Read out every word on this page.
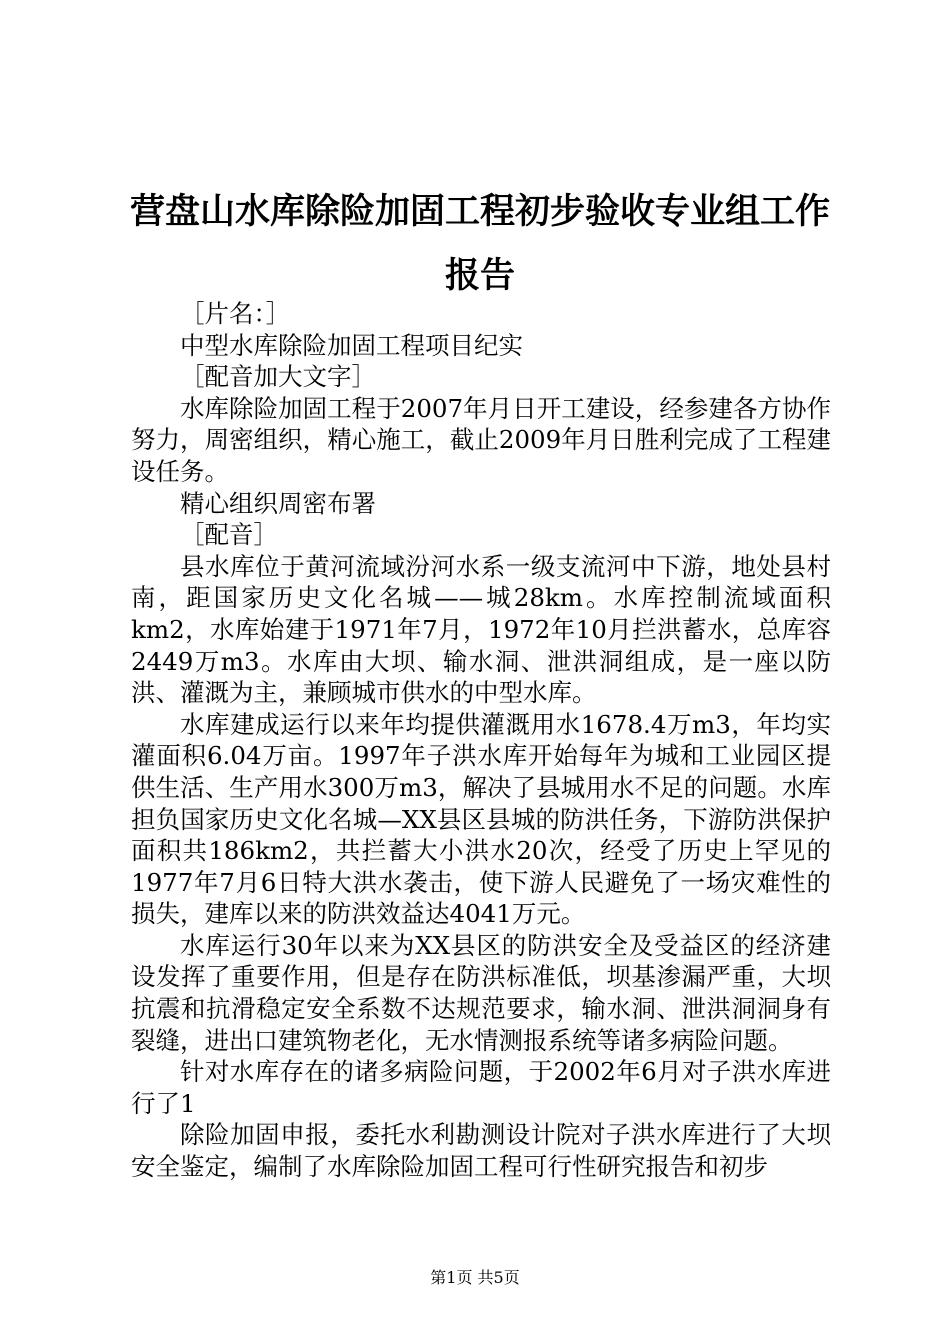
营盘山水库除险加固工程初步验收专业组工作报告

［片名：］

中型水库除险加固工程项目纪实

［配音加大文字］

水库除险加固工程于2007年月日开工建设，经参建各方协作努力，周密组织，精心施工，截止2009年月日胜利完成了工程建设任务。

精心组织周密布署

［配音］

县水库位于黄河流域汾河水系一级支流河中下游，地处县村南，距国家历史文化名城——城28km。水库控制流域面积km2，水库始建于1971年7月，1972年10月拦洪蓄水，总库容2449万m3。水库由大坝、输水洞、泄洪洞组成，是一座以防洪、灌溉为主，兼顾城市供水的中型水库。

水库建成运行以来年均提供灌溉用水1678.4万m3，年均实灌面积6.04万亩。1997年子洪水库开始每年为城和工业园区提供生活、生产用水300万m3，解决了县城用水不足的问题。水库担负国家历史文化名城—XX县区县城的防洪任务，下游防洪保护面积共186km2，共拦蓄大小洪水20次，经受了历史上罕见的1977年7月6日特大洪水袭击，使下游人民避免了一场灾难性的损失，建库以来的防洪效益达4041万元。

水库运行30年以来为XX县区的防洪安全及受益区的经济建设发挥了重要作用，但是存在防洪标准低，坝基渗漏严重，大坝抗震和抗滑稳定安全系数不达规范要求，输水洞、泄洪洞洞身有裂缝，进出口建筑物老化，无水情测报系统等诸多病险问题。

针对水库存在的诸多病险问题，于2002年6月对子洪水库进行了1

除险加固申报，委托水利勘测设计院对子洪水库进行了大坝安全鉴定，编制了水库除险加固工程可行性研究报告和初步

第1页 共5页
